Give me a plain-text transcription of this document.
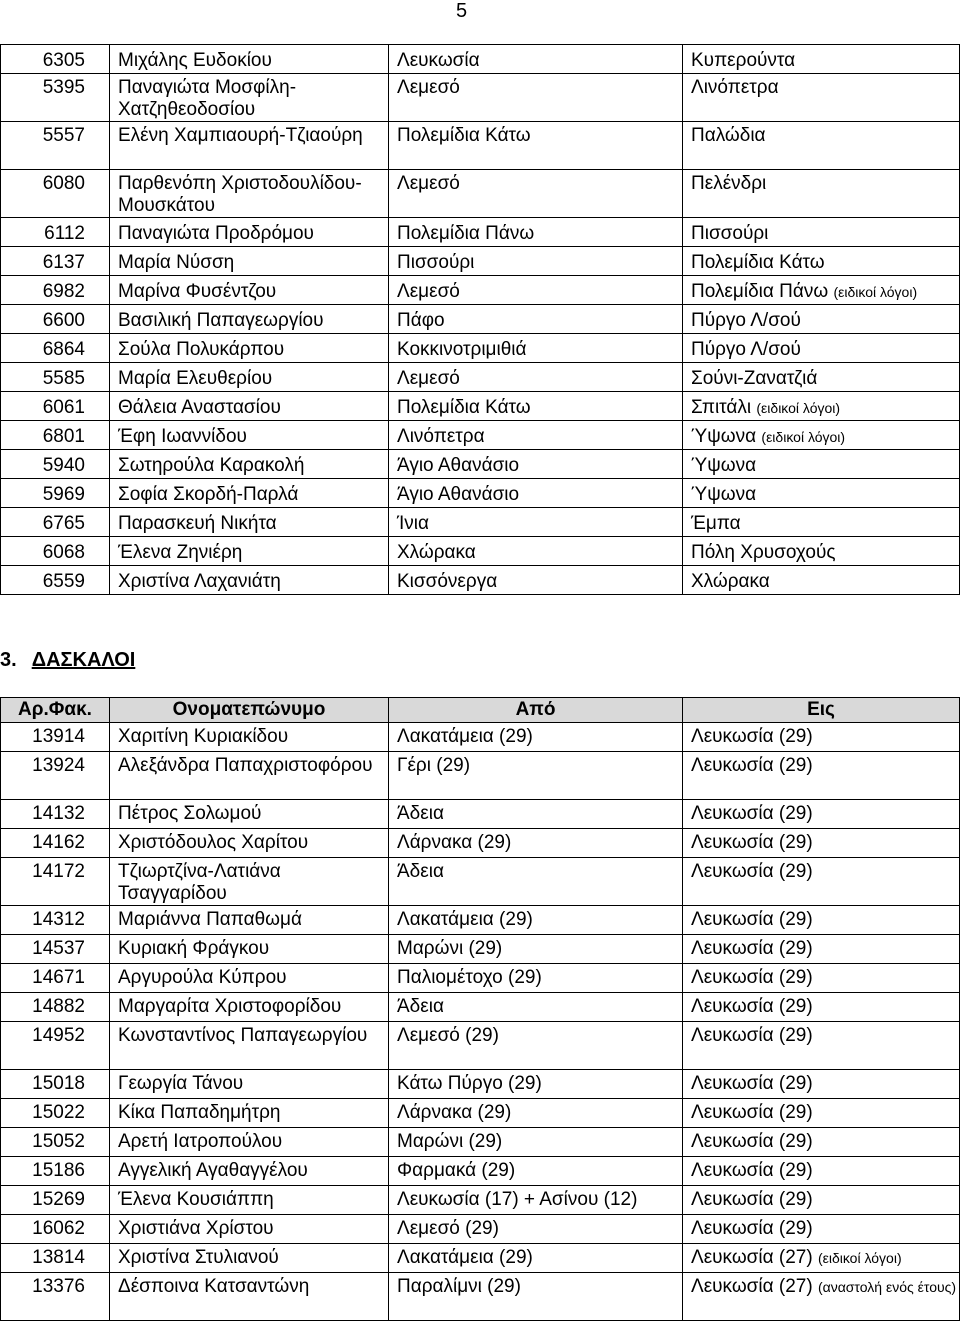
5
6305	Μιχάλης Ευδοκίου	Λευκωσία	Κυπερούντα
5395	Παναγιώτα Μοσφίλη-Χατζηθεοδοσίου	Λεμεσό	Λινόπετρα
5557	Ελένη Χαμπιαουρή-Τζιαούρη	Πολεμίδια Κάτω	Παλώδια
6080	Παρθενόπη Χριστοδουλίδου-Μουσκάτου	Λεμεσό	Πελένδρι
6112	Παναγιώτα Προδρόμου	Πολεμίδια Πάνω	Πισσούρι
6137	Μαρία Νύσση	Πισσούρι	Πολεμίδια Κάτω
6982	Μαρίνα Φυσέντζου	Λεμεσό	Πολεμίδια Πάνω (ειδικοί λόγοι)
6600	Βασιλική Παπαγεωργίου	Πάφο	Πύργο Λ/σού
6864	Σούλα Πολυκάρπου	Κοκκινοτριμιθιά	Πύργο Λ/σού
5585	Μαρία Ελευθερίου	Λεμεσό	Σούνι-Ζανατζιά
6061	Θάλεια Αναστασίου	Πολεμίδια Κάτω	Σπιτάλι (ειδικοί λόγοι)
6801	Έφη Ιωαννίδου	Λινόπετρα	Ύψωνα (ειδικοί λόγοι)
5940	Σωτηρούλα Καρακολή	Άγιο Αθανάσιο	Ύψωνα
5969	Σοφία Σκορδή-Παρλά	Άγιο Αθανάσιο	Ύψωνα
6765	Παρασκευή Νικήτα	Ίνια	Έμπα
6068	Έλενα Ζηνιέρη	Χλώρακα	Πόλη Χρυσοχούς
6559	Χριστίνα Λαχανιάτη	Κισσόνεργα	Χλώρακα
3. ΔΑΣΚΑΛΟΙ
Αρ.Φακ.	Ονοματεπώνυμο	Από	Εις
13914	Χαριτίνη Κυριακίδου	Λακατάμεια (29)	Λευκωσία (29)
13924	Αλεξάνδρα Παπαχριστοφόρου	Γέρι (29)	Λευκωσία (29)
14132	Πέτρος Σολωμού	Άδεια	Λευκωσία (29)
14162	Χριστόδουλος Χαρίτου	Λάρνακα (29)	Λευκωσία (29)
14172	Τζιωρτζίνα-Λατιάνα Τσαγγαρίδου	Άδεια	Λευκωσία (29)
14312	Μαριάννα Παπαθωμά	Λακατάμεια (29)	Λευκωσία (29)
14537	Κυριακή Φράγκου	Μαρώνι (29)	Λευκωσία (29)
14671	Αργυρούλα Κύπρου	Παλιομέτοχο (29)	Λευκωσία (29)
14882	Μαργαρίτα Χριστοφορίδου	Άδεια	Λευκωσία (29)
14952	Κωνσταντίνος Παπαγεωργίου	Λεμεσό (29)	Λευκωσία (29)
15018	Γεωργία Τάνου	Κάτω Πύργο (29)	Λευκωσία (29)
15022	Κίκα Παπαδημήτρη	Λάρνακα (29)	Λευκωσία (29)
15052	Αρετή Ιατροπούλου	Μαρώνι (29)	Λευκωσία (29)
15186	Αγγελική Αγαθαγγέλου	Φαρμακά (29)	Λευκωσία (29)
15269	Έλενα Κουσιάππη	Λευκωσία (17) + Ασίνου (12)	Λευκωσία (29)
16062	Χριστιάνα Χρίστου	Λεμεσό (29)	Λευκωσία (29)
13814	Χριστίνα Στυλιανού	Λακατάμεια (29)	Λευκωσία (27) (ειδικοί λόγοι)
13376	Δέσποινα Κατσαντώνη	Παραλίμνι (29)	Λευκωσία (27) (αναστολή ενός έτους)
